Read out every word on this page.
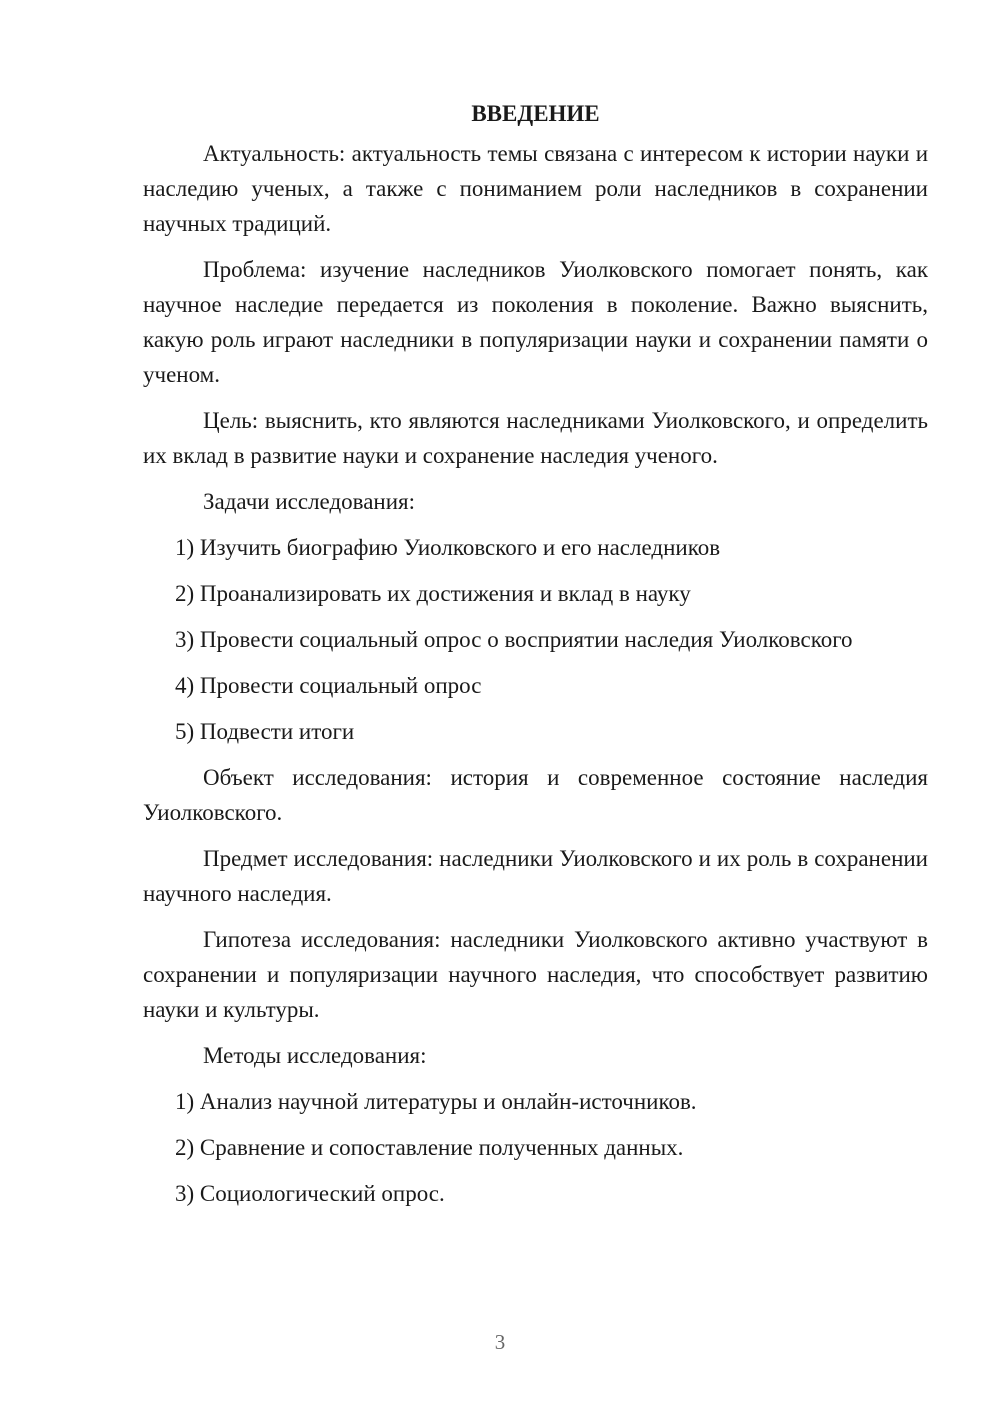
ВВЕДЕНИЕ

Актуальность: актуальность темы связана с интересом к истории науки и наследию ученых, а также с пониманием роли наследников в сохранении научных традиций.

Проблема: изучение наследников Уиолковского помогает понять, как научное наследие передается из поколения в поколение. Важно выяснить, какую роль играют наследники в популяризации науки и сохранении памяти о ученом.

Цель: выяснить, кто являются наследниками Уиолковского, и определить их вклад в развитие науки и сохранение наследия ученого.

Задачи исследования:

1) Изучить биографию Уиолковского и его наследников
2) Проанализировать их достижения и вклад в науку
3) Провести социальный опрос о восприятии наследия Уиолковского
4) Провести социальный опрос
5) Подвести итоги

Объект исследования: история и современное состояние наследия Уиолковского.

Предмет исследования: наследники Уиолковского и их роль в сохранении научного наследия.

Гипотеза исследования: наследники Уиолковского активно участвуют в сохранении и популяризации научного наследия, что способствует развитию науки и культуры.

Методы исследования:

1) Анализ научной литературы и онлайн-источников.
2) Сравнение и сопоставление полученных данных.
3) Социологический опрос.
3
